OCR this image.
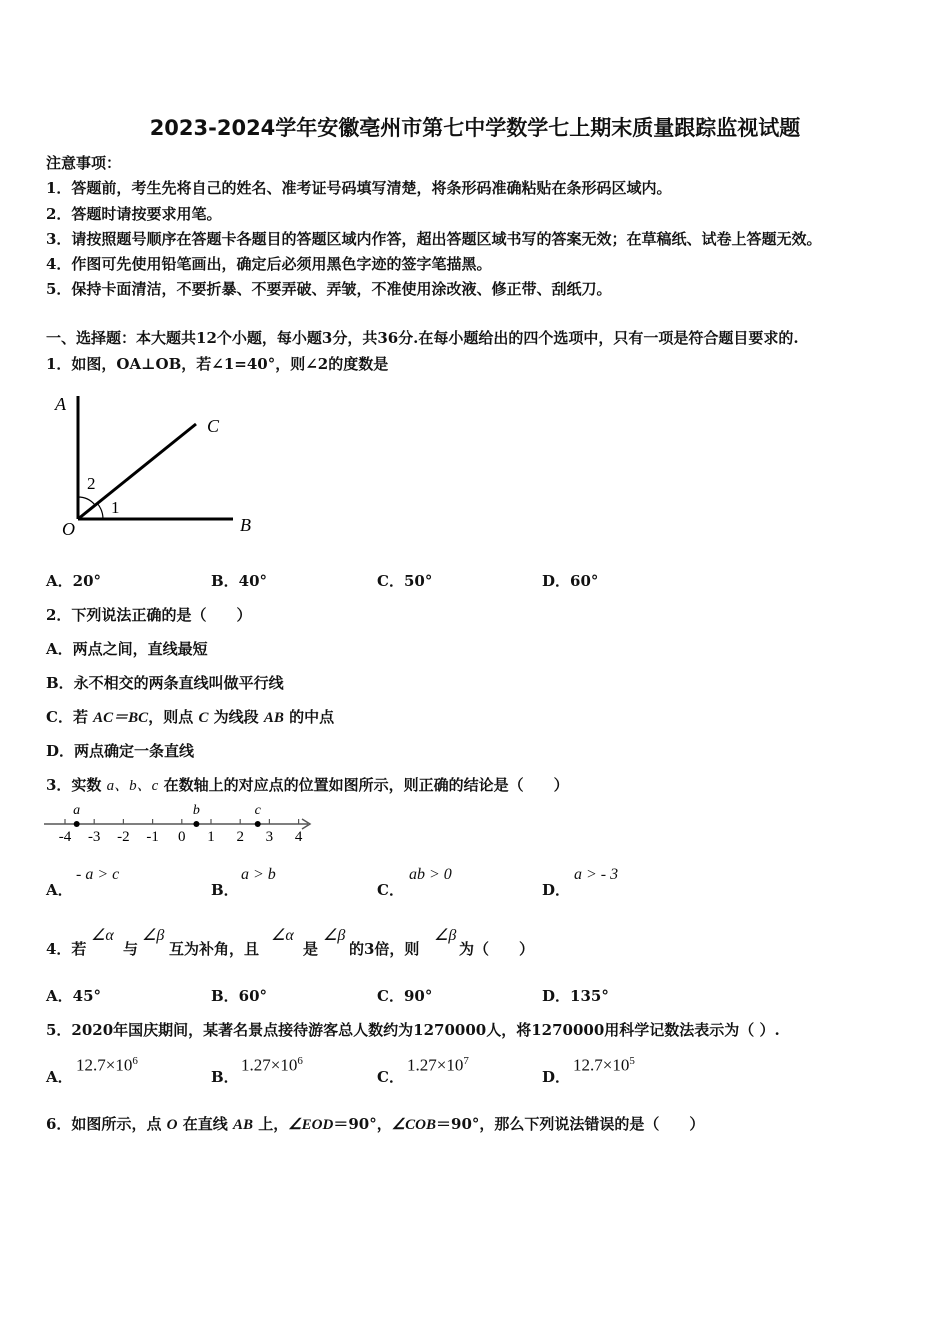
2023-2024学年安徽亳州市第七中学数学七上期末质量跟踪监视试题
注意事项：
1．答题前，考生先将自己的姓名、准考证号码填写清楚，将条形码准确粘贴在条形码区域内。
2．答题时请按要求用笔。
3．请按照题号顺序在答题卡各题目的答题区域内作答，超出答题区域书写的答案无效；在草稿纸、试卷上答题无效。
4．作图可先使用铅笔画出，确定后必须用黑色字迹的签字笔描黑。
5．保持卡面清洁，不要折暴、不要弄破、弄皱，不准使用涂改液、修正带、刮纸刀。
一、选择题：本大题共12个小题，每小题3分，共36分.在每小题给出的四个选项中，只有一项是符合题目要求的.
1．如图，OA⊥OB，若∠1=40°，则∠2的度数是
A
C
B
O
2
1
A．20°	B．40°	C．50°	D．60°
2．下列说法正确的是（　　）
A．两点之间，直线最短
B．永不相交的两条直线叫做平行线
C．若 AC＝BC，则点 C 为线段 AB 的中点
D．两点确定一条直线
3．实数 a、b、c 在数轴上的对应点的位置如图所示，则正确的结论是（　　）
-4 -3 -2 -1 0 1 2 3 4
a	b	c
A．
- a > c
B．
a > b
C．
ab > 0
D．
a > - 3
4．若
∠α
与
∠β
互为补角，且
∠α
是
∠β
的3倍，则
∠β
为（　　）
A．45°	B．60°	C．90°	D．135°
5．2020年国庆期间，某著名景点接待游客总人数约为1270000人，将1270000用科学记数法表示为（ ）.
A．
$12.7\times 10^6$
B．
$1.27\times 10^6$
C．
$1.27\times 10^7$
D．
$12.7\times 10^5$
6．如图所示，点 O 在直线 AB 上，∠EOD＝90°，∠COB＝90°，那么下列说法错误的是（　　）
